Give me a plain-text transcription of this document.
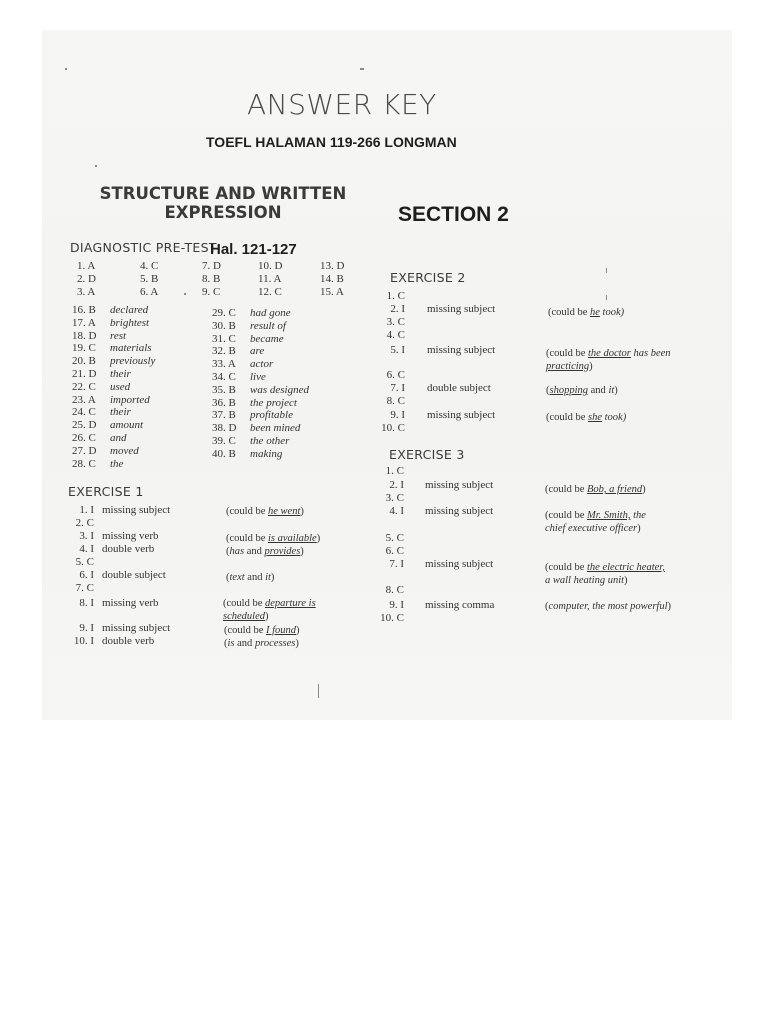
ANSWER KEY
TOEFL HALAMAN 119-266 LONGMAN
STRUCTURE AND WRITTEN
EXPRESSION	SECTION 2
DIAGNOSTIC PRE-TEST
Hal. 121-127
1. A
2. D
3. A
4. C
5. B
6. A
7. D
8. B
9. C
10. D
11. A
12. C
13. D
14. B
15. A
16. B declared
17. A brightest
18. D rest
19. C materials
20. B previously
21. D their
22. C used
23. A imported
24. C their
25. D amount
26. C and
27. D moved
28. C the
29. C had gone
30. B result of
31. C became
32. B are
33. A actor
34. C live
35. B was designed
36. B the project
37. B profitable
38. D been mined
39. C the other
40. B making
EXERCISE 1
1. I missing subject
2. C
3. I missing verb
4. I double verb
5. C
6. I double subject
7. C
8. I missing verb
9. I missing subject
10. I double verb
(could be he went)
(could be is available)
(has and provides)
(text and it)
(could be departure is
scheduled)
(could be I found)
(is and processes)
EXERCISE 2
1. C
2. I missing subject
3. C
4. C
5. I missing subject
6. C
7. I double subject
8. C
9. I missing subject
10. C
(could be he took)
(could be the doctor has been
practicing)
(shopping and it)
(could be she took)
EXERCISE 3
1. C
2. I missing subject
3. C
4. I missing subject
5. C
6. C
7. I missing subject
8. C
9. I missing comma
10. C
(could be Bob, a friend)
(could be Mr. Smith, the
chief executive officer)
(could be the electric heater,
a wall heating unit)
(computer, the most powerful)
